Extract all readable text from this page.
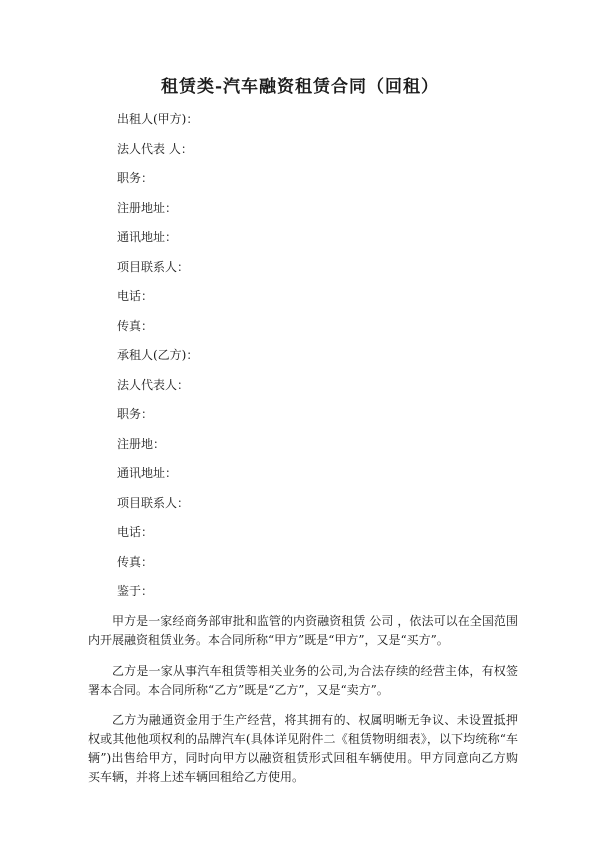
租赁类-汽车融资租赁合同（回租）
出租人(甲方)：
法人代表 人：
职务：
注册地址：
通讯地址：
项目联系人：
电话：
传真：
承租人(乙方)：
法人代表人：
职务：
注册地：
通讯地址：
项目联系人：
电话：
传真：
鉴于：

甲方是一家经商务部审批和监管的内资融资租赁 公司 ，依法可以在全国范围内开展融资租赁业务。本合同所称“甲方”既是“甲方”，又是“买方”。

乙方是一家从事汽车租赁等相关业务的公司,为合法存续的经营主体，有权签署本合同。本合同所称“乙方”既是“乙方”，又是“卖方”。

乙方为融通资金用于生产经营，将其拥有的、权属明晰无争议、未设置抵押权或其他他项权利的品牌汽车(具体详见附件二《租赁物明细表》，以下均统称“车辆”)出售给甲方，同时向甲方以融资租赁形式回租车辆使用。甲方同意向乙方购买车辆，并将上述车辆回租给乙方使用。
